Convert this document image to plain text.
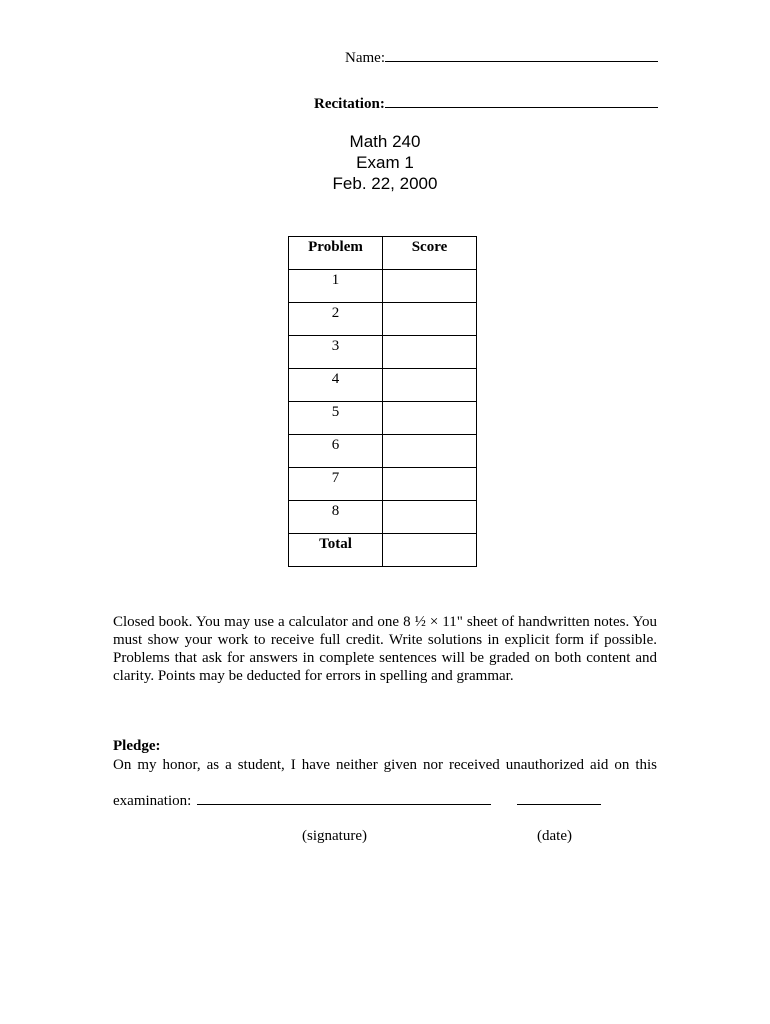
Name:
Recitation:
Math 240
Exam 1
Feb. 22, 2000
Problem	Score
1	
2	
3	
4	
5	
6	
7	
8	
Total	
Closed book. You may use a calculator and one 8 ½ × 11" sheet of handwritten notes. You must show your work to receive full credit. Write solutions in explicit form if possible. Problems that ask for answers in complete sentences will be graded on both content and clarity. Points may be deducted for errors in spelling and grammar.
Pledge:
On my honor, as a student, I have neither given nor received unauthorized aid on this
examination:
(signature)	(date)
